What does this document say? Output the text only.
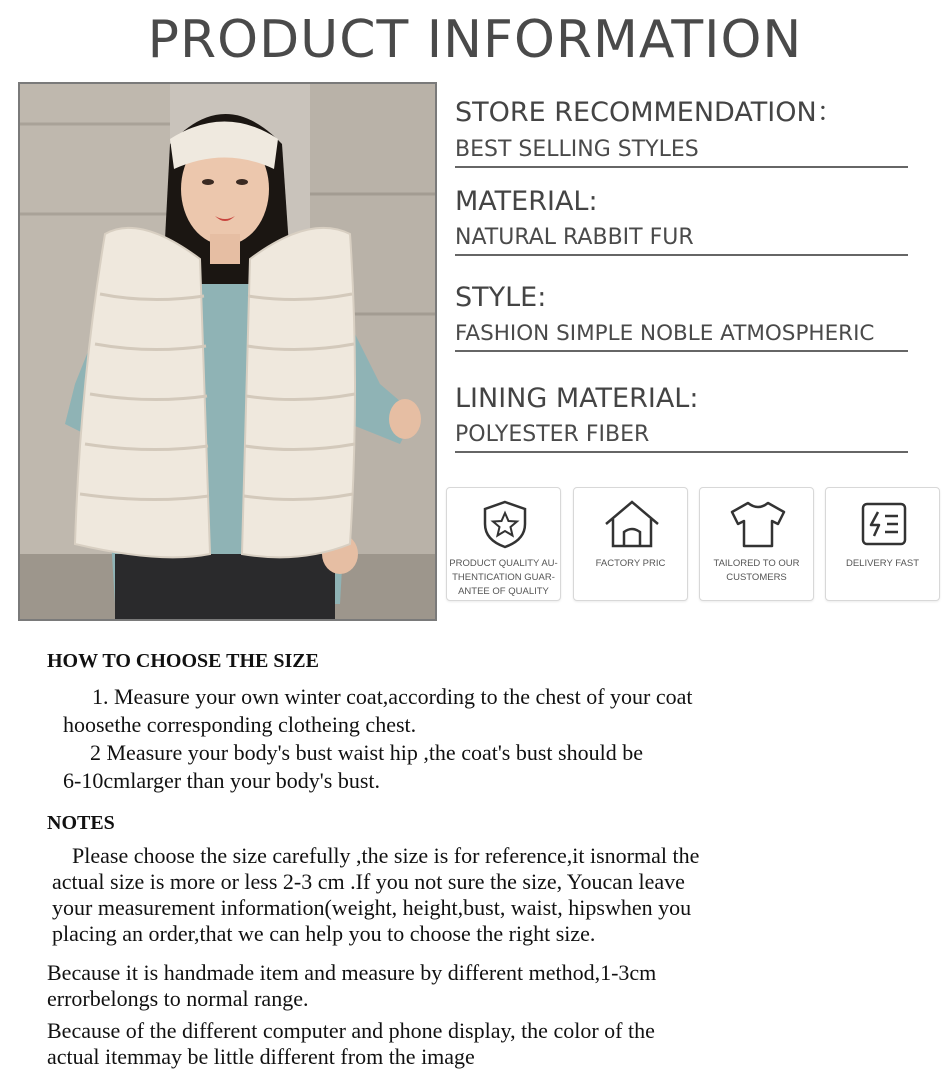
PRODUCT INFORMATION
STORE RECOMMENDATION：
BEST SELLING STYLES
MATERIAL:
NATURAL RABBIT FUR
STYLE:
FASHION SIMPLE NOBLE ATMOSPHERIC
LINING MATERIAL:
POLYESTER FIBER
PRODUCT QUALITY AU-
THENTICATION GUAR-
ANTEE OF QUALITY
FACTORY PRIC	TAILORED TO OUR
CUSTOMERS
DELIVERY FAST
HOW TO CHOOSE THE SIZE
1. Measure your own winter coat,according to the chest of your coat
hoosethe corresponding clotheing chest.
2 Measure your body's bust waist hip ,the coat's bust should be
6-10cmlarger than your body's bust.
NOTES
Please choose the size carefully ,the size is for reference,it isnormal the
actual size is more or less 2-3 cm .If you not sure the size, Youcan leave
your measurement information(weight, height,bust, waist, hipswhen you
placing an order,that we can help you to choose the right size.
Because it is handmade item and measure by different method,1-3cm
errorbelongs to normal range.
Because of the different computer and phone display, the color of the
actual itemmay be little different from the image
